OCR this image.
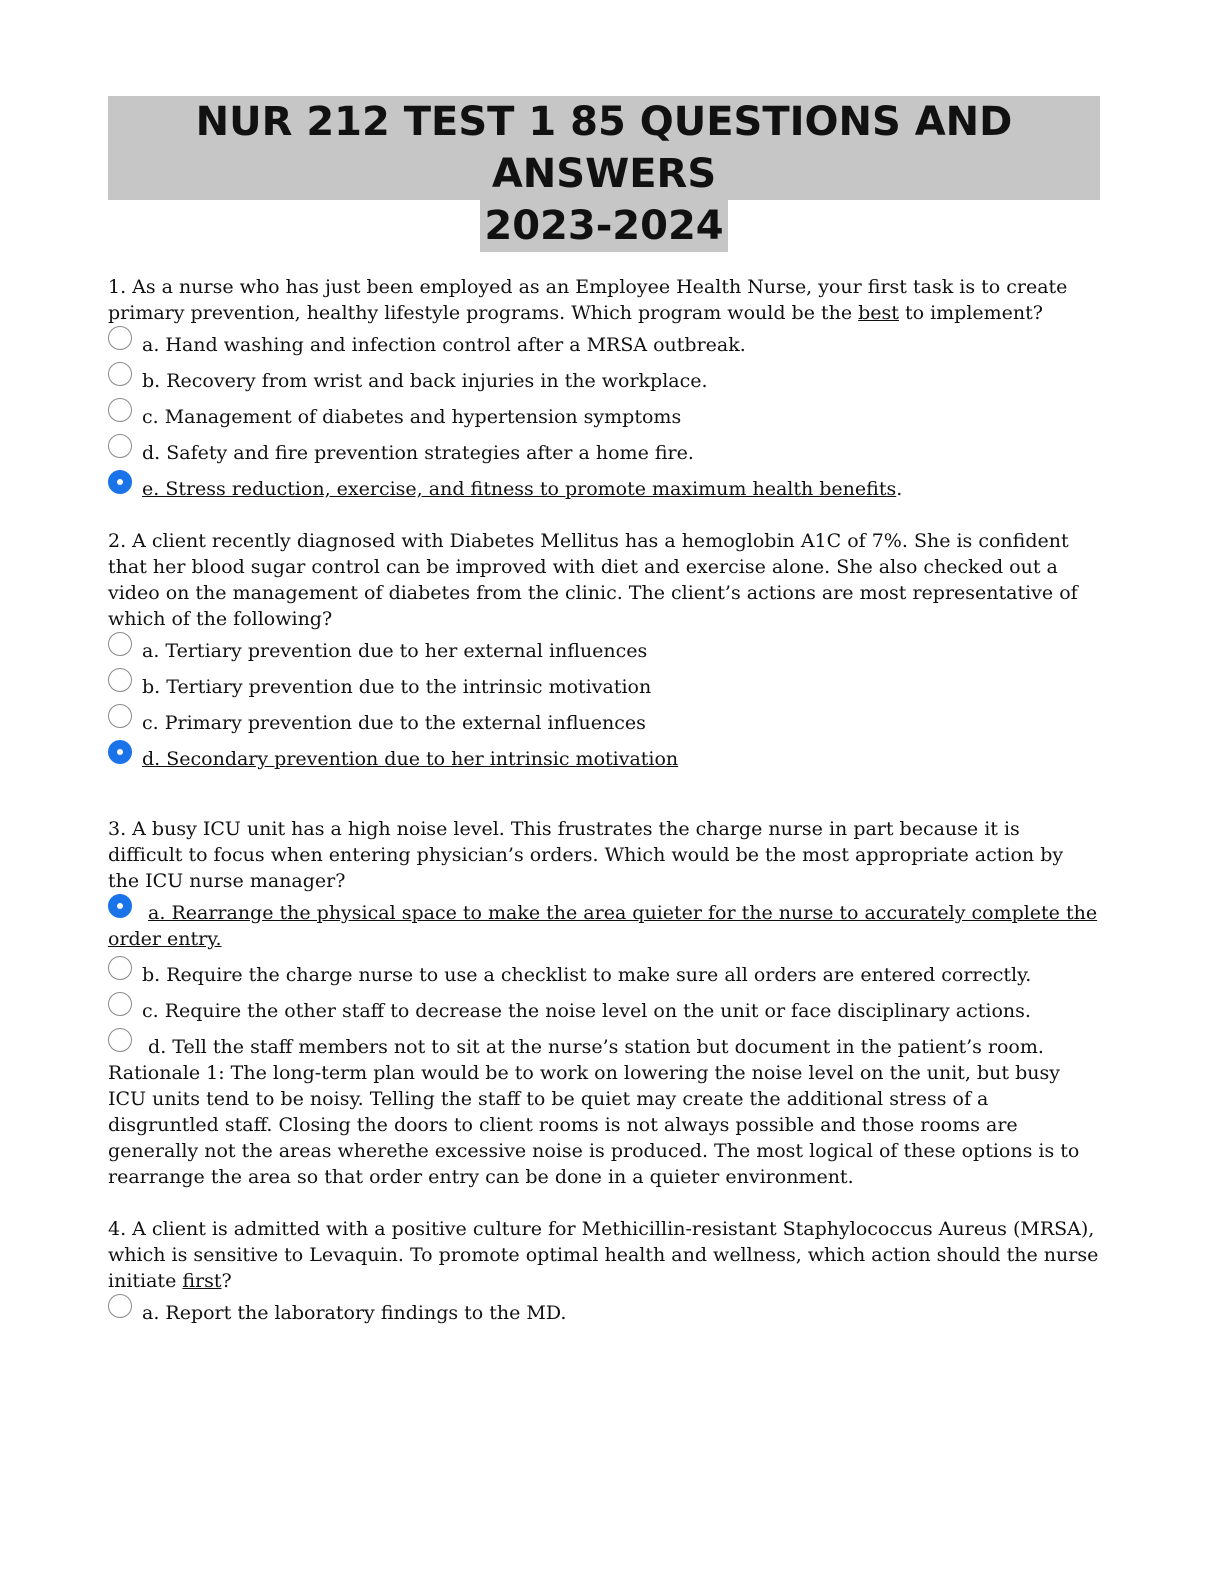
NUR 212 TEST 1 85 QUESTIONS AND ANSWERS
2023-2024

1. As a nurse who has just been employed as an Employee Health Nurse, your first task is to create primary prevention, healthy lifestyle programs. Which program would be the best to implement?

a. Hand washing and infection control after a MRSA outbreak.
b. Recovery from wrist and back injuries in the workplace.
c. Management of diabetes and hypertension symptoms
d. Safety and fire prevention strategies after a home fire.
e. Stress reduction, exercise, and fitness to promote maximum health benefits.

2. A client recently diagnosed with Diabetes Mellitus has a hemoglobin A1C of 7%. She is confident that her blood sugar control can be improved with diet and exercise alone. She also checked out a video on the management of diabetes from the clinic. The client’s actions are most representative of which of the following?

a. Tertiary prevention due to her external influences
b. Tertiary prevention due to the intrinsic motivation
c. Primary prevention due to the external influences
d. Secondary prevention due to her intrinsic motivation

3. A busy ICU unit has a high noise level. This frustrates the charge nurse in part because it is difficult to focus when entering physician’s orders. Which would be the most appropriate action by the ICU nurse manager?

a. Rearrange the physical space to make the area quieter for the nurse to accurately complete the order entry.
b. Require the charge nurse to use a checklist to make sure all orders are entered correctly.
c. Require the other staff to decrease the noise level on the unit or face disciplinary actions.
d. Tell the staff members not to sit at the nurse’s station but document in the patient’s room. Rationale 1: The long-term plan would be to work on lowering the noise level on the unit, but busy ICU units tend to be noisy. Telling the staff to be quiet may create the additional stress of a disgruntled staff. Closing the doors to client rooms is not always possible and those rooms are generally not the areas wherethe excessive noise is produced. The most logical of these options is to rearrange the area so that order entry can be done in a quieter environment.

4. A client is admitted with a positive culture for Methicillin-resistant Staphylococcus Aureus (MRSA), which is sensitive to Levaquin. To promote optimal health and wellness, which action should the nurse initiate first?

a. Report the laboratory findings to the MD.
